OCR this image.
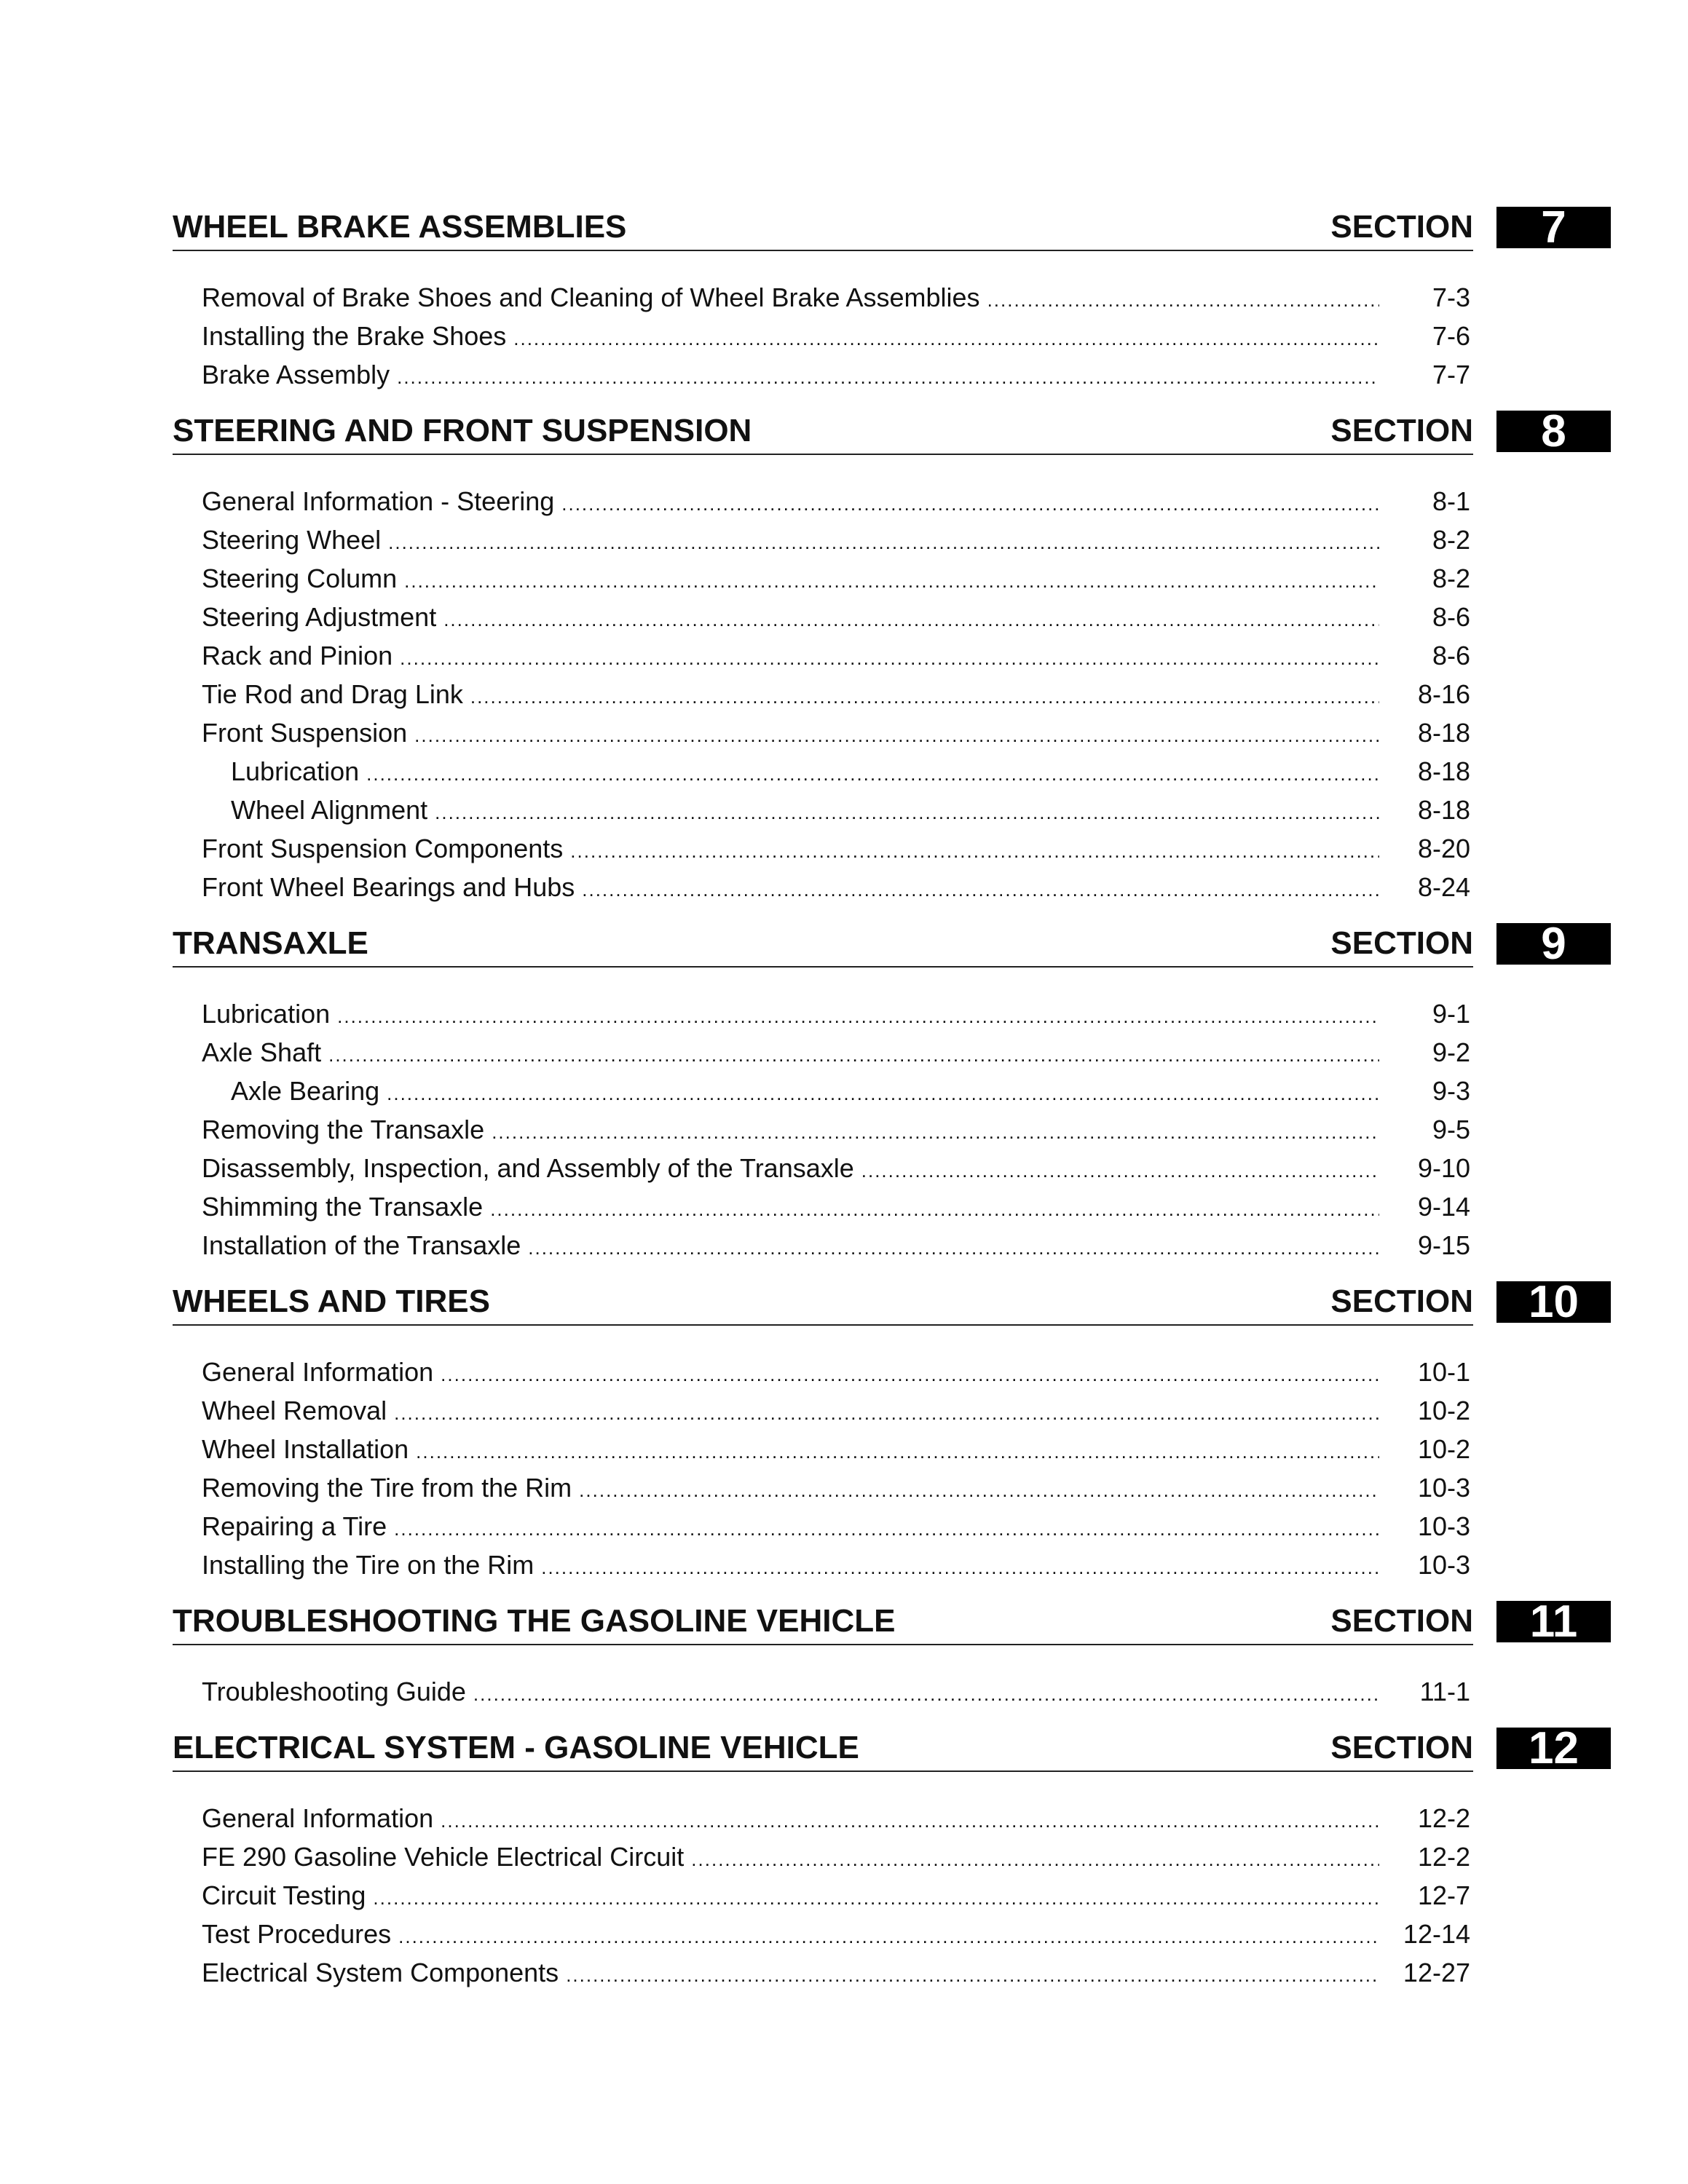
WHEEL BRAKE ASSEMBLIES	SECTION	7
Removal of Brake Shoes and Cleaning of Wheel Brake Assemblies .....	7-3
Installing the Brake Shoes .....	7-6
Brake Assembly .....	7-7
STEERING AND FRONT SUSPENSION	SECTION	8
General Information - Steering .....	8-1
Steering Wheel .....	8-2
Steering Column .....	8-2
Steering Adjustment .....	8-6
Rack and Pinion .....	8-6
Tie Rod and Drag Link .....	8-16
Front Suspension .....	8-18
Lubrication .....	8-18
Wheel Alignment .....	8-18
Front Suspension Components .....	8-20
Front Wheel Bearings and Hubs .....	8-24
TRANSAXLE	SECTION	9
Lubrication .....	9-1
Axle Shaft .....	9-2
Axle Bearing .....	9-3
Removing the Transaxle .....	9-5
Disassembly, Inspection, and Assembly of the Transaxle .....	9-10
Shimming the Transaxle .....	9-14
Installation of the Transaxle .....	9-15
WHEELS AND TIRES	SECTION	10
General Information .....	10-1
Wheel Removal .....	10-2
Wheel Installation .....	10-2
Removing the Tire from the Rim .....	10-3
Repairing a Tire .....	10-3
Installing the Tire on the Rim .....	10-3
TROUBLESHOOTING THE GASOLINE VEHICLE	SECTION	11
Troubleshooting Guide .....	11-1
ELECTRICAL SYSTEM - GASOLINE VEHICLE	SECTION	12
General Information .....	12-2
FE 290 Gasoline Vehicle Electrical Circuit .....	12-2
Circuit Testing .....	12-7
Test Procedures .....	12-14
Electrical System Components .....	12-27
